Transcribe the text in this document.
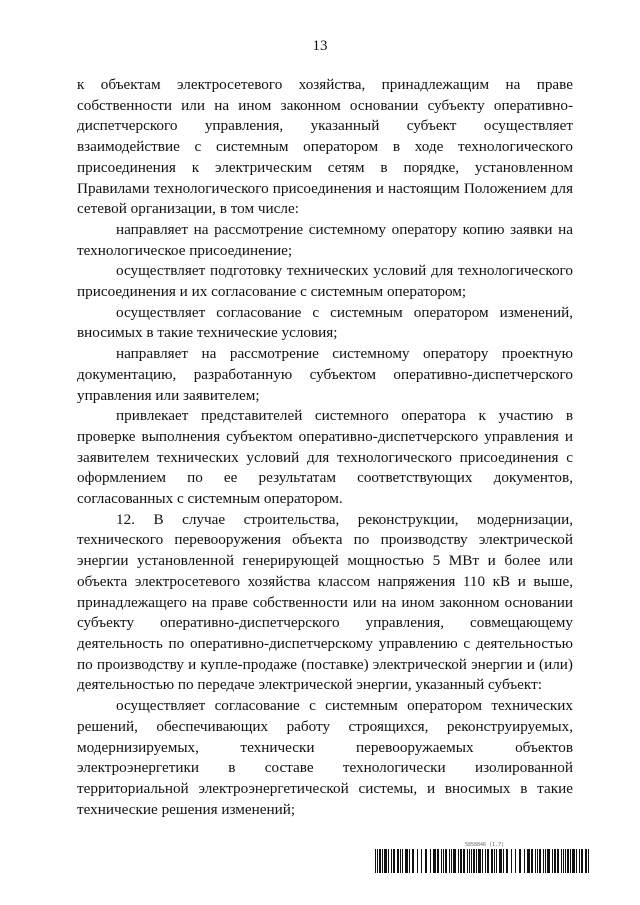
13

к объектам электросетевого хозяйства, принадлежащим на праве собственности или на ином законном основании субъекту оперативно-диспетчерского управления, указанный субъект осуществляет взаимодействие с системным оператором в ходе технологического присоединения к электрическим сетям в порядке, установленном Правилами технологического присоединения и настоящим Положением для сетевой организации, в том числе:

направляет на рассмотрение системному оператору копию заявки на технологическое присоединение;

осуществляет подготовку технических условий для технологического присоединения и их согласование с системным оператором;

осуществляет согласование с системным оператором изменений, вносимых в такие технические условия;

направляет на рассмотрение системному оператору проектную документацию, разработанную субъектом оперативно-диспетчерского управления или заявителем;

привлекает представителей системного оператора к участию в проверке выполнения субъектом оперативно-диспетчерского управления и заявителем технических условий для технологического присоединения с оформлением по ее результатам соответствующих документов, согласованных с системным оператором.

12. В случае строительства, реконструкции, модернизации, технического перевооружения объекта по производству электрической энергии установленной генерирующей мощностью 5 МВт и более или объекта электросетевого хозяйства классом напряжения 110 кВ и выше, принадлежащего на праве собственности или на ином законном основании субъекту оперативно-диспетчерского управления, совмещающему деятельность по оперативно-диспетчерскому управлению с деятельностью по производству и купле-продаже (поставке) электрической энергии и (или) деятельностью по передаче электрической энергии, указанный субъект:

осуществляет согласование с системным оператором технических решений, обеспечивающих работу строящихся, реконструируемых, модернизируемых, технически перевооружаемых объектов электроэнергетики в составе технологически изолированной территориальной электроэнергетической системы, и вносимых в такие технические решения изменений;

5858846 (1.7)
